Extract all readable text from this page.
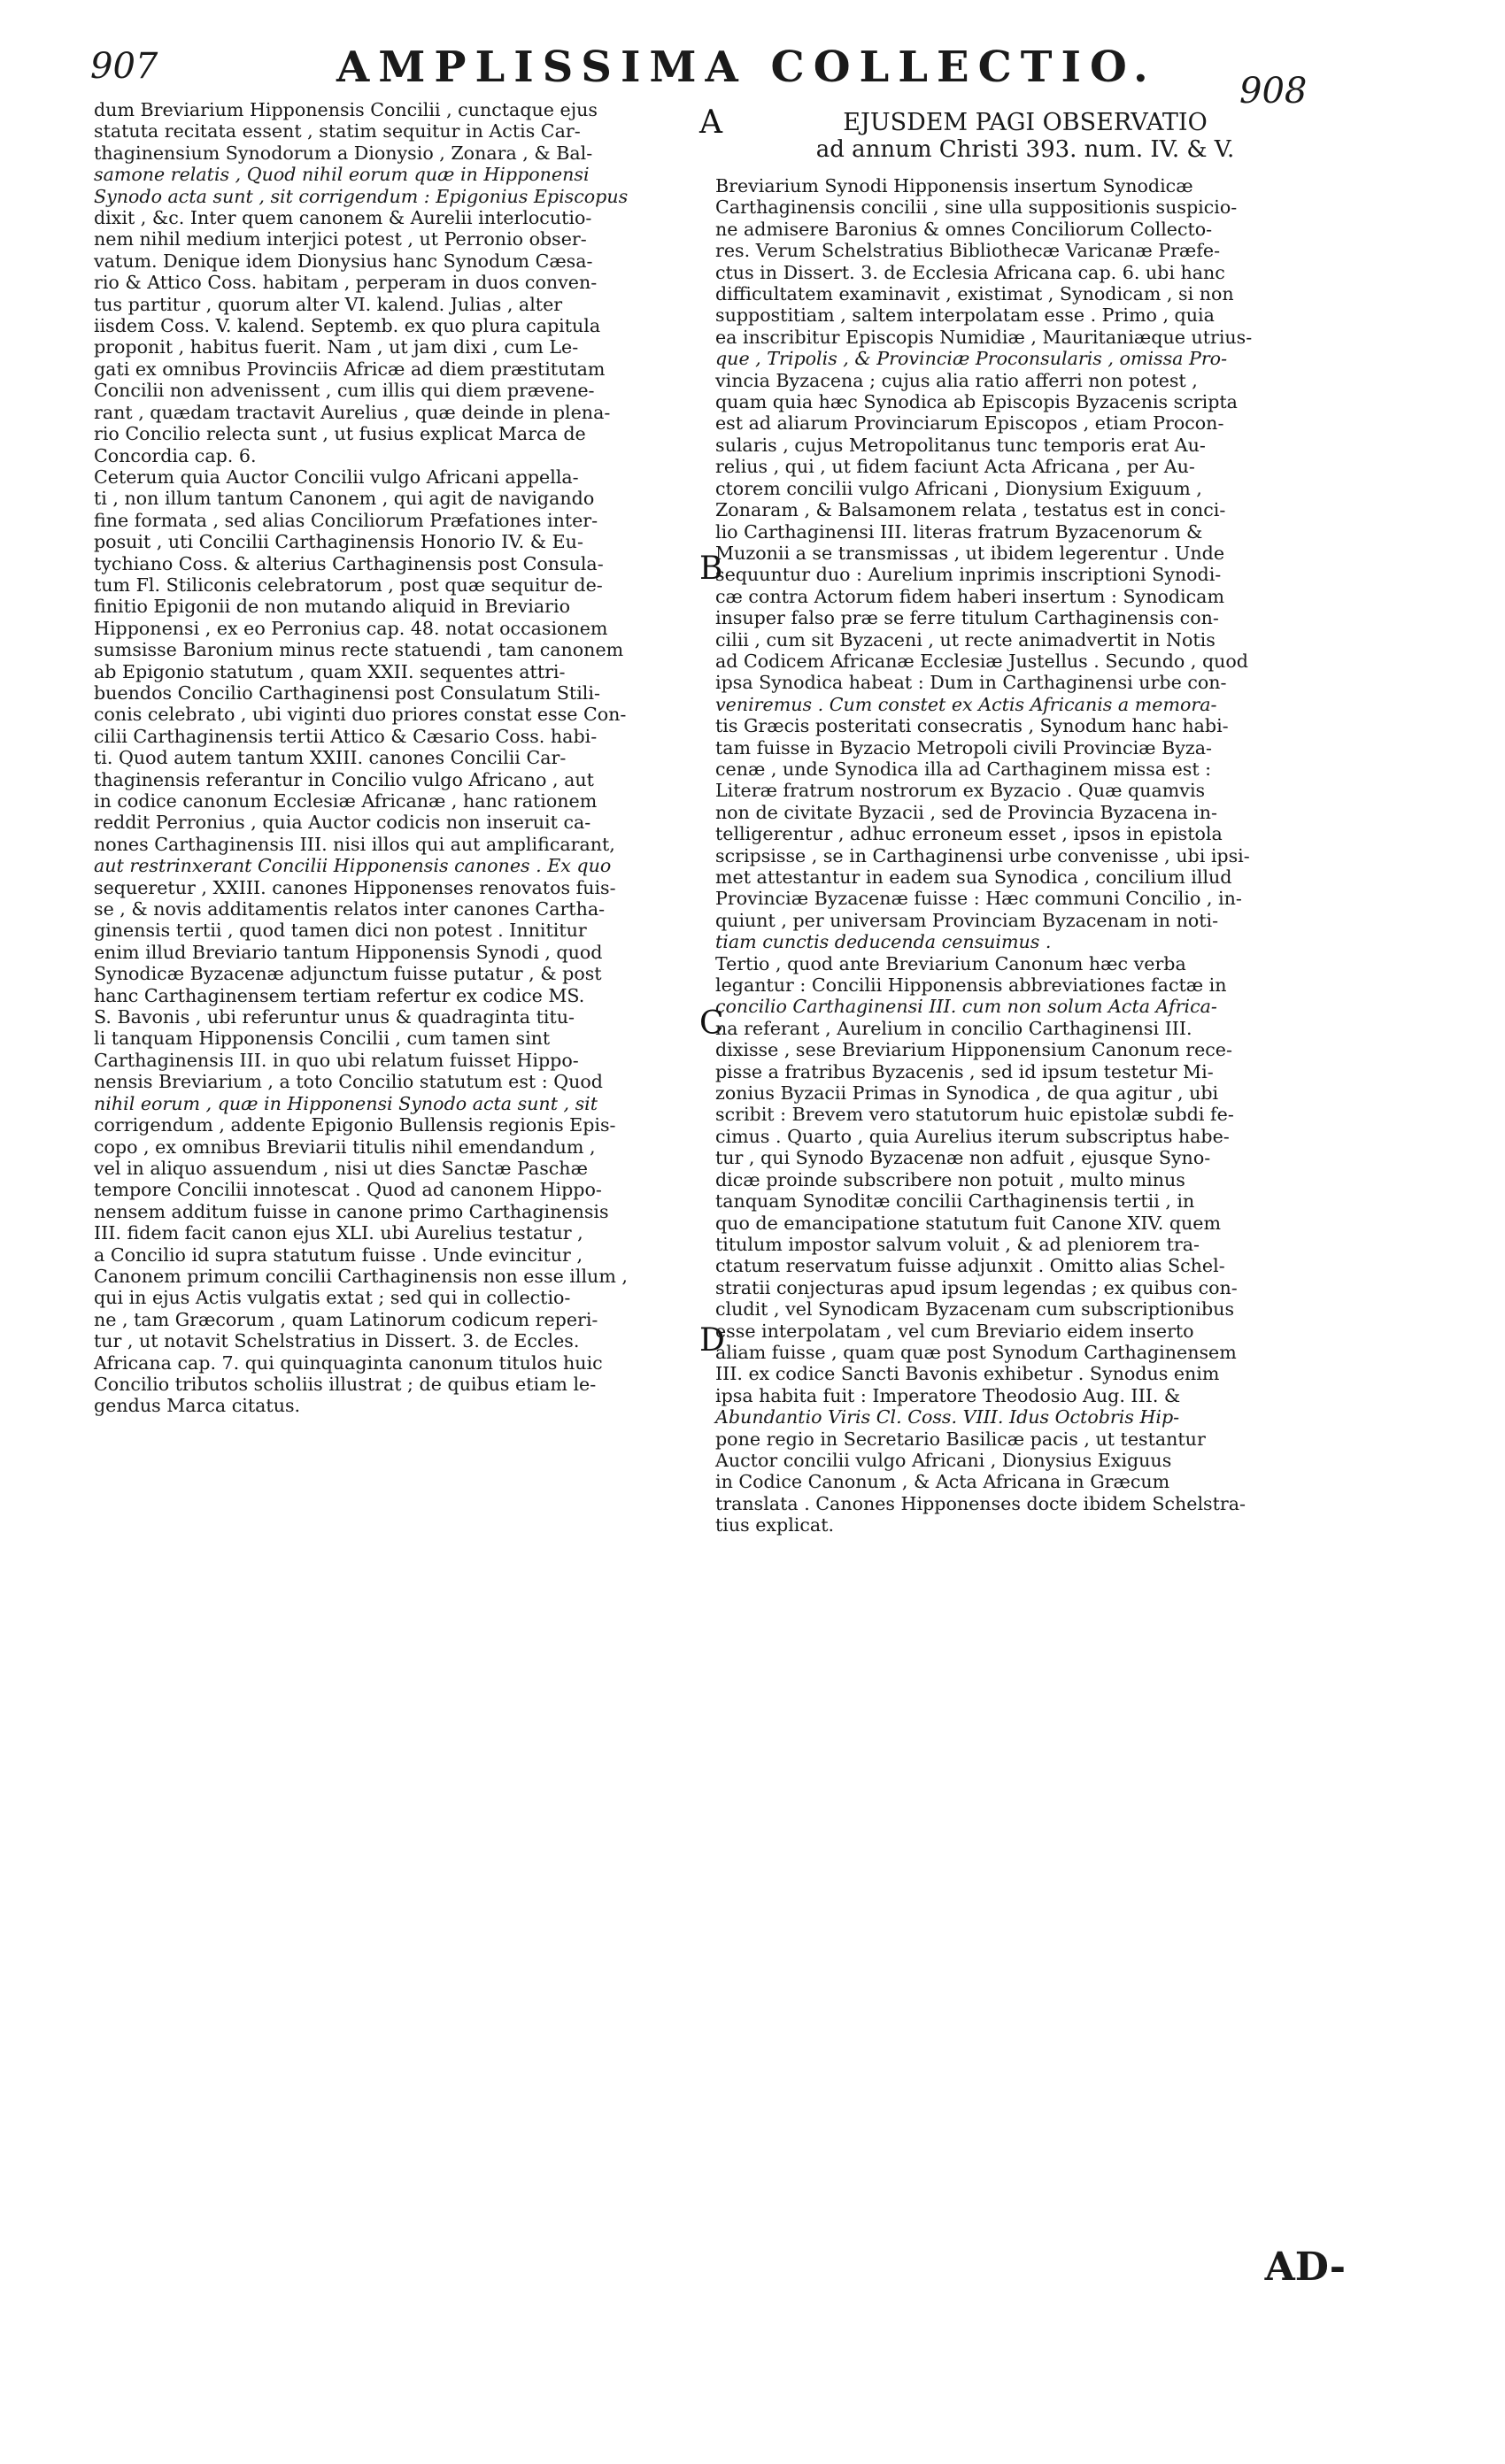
907	AMPLISSIMA COLLECTIO. 908
A
B
C
D

dum Breviarium Hipponensis Concilii , cunctaque ejus

statuta recitata essent , statim sequitur in Actis Car-

thaginensium Synodorum a Dionysio , Zonara , & Bal-

samone relatis , Quod nihil eorum quæ in Hipponensi

Synodo acta sunt , sit corrigendum : Epigonius Episcopus

dixit , &c. Inter quem canonem & Aurelii interlocutio-

nem nihil medium interjici potest , ut Perronio obser-

vatum. Denique idem Dionysius hanc Synodum Cæsa-

rio & Attico Coss. habitam , perperam in duos conven-

tus partitur , quorum alter VI. kalend. Julias , alter

iisdem Coss. V. kalend. Septemb. ex quo plura capitula

proponit , habitus fuerit. Nam , ut jam dixi , cum Le-

gati ex omnibus Provinciis Africæ ad diem præstitutam

Concilii non advenissent , cum illis qui diem prævene-

rant , quædam tractavit Aurelius , quæ deinde in plena-

rio Concilio relecta sunt , ut fusius explicat Marca de

Concordia cap. 6.

Ceterum quia Auctor Concilii vulgo Africani appella-

ti , non illum tantum Canonem , qui agit de navigando

fine formata , sed alias Conciliorum Præfationes inter-

posuit , uti Concilii Carthaginensis Honorio IV. & Eu-

tychiano Coss. & alterius Carthaginensis post Consula-

tum Fl. Stiliconis celebratorum , post quæ sequitur de-

finitio Epigonii de non mutando aliquid in Breviario

Hipponensi , ex eo Perronius cap. 48. notat occasionem

sumsisse Baronium minus recte statuendi , tam canonem

ab Epigonio statutum , quam XXII. sequentes attri-

buendos Concilio Carthaginensi post Consulatum Stili-

conis celebrato , ubi viginti duo priores constat esse Con-

cilii Carthaginensis tertii Attico & Cæsario Coss. habi-

ti. Quod autem tantum XXIII. canones Concilii Car-

thaginensis referantur in Concilio vulgo Africano , aut

in codice canonum Ecclesiæ Africanæ , hanc rationem

reddit Perronius , quia Auctor codicis non inseruit ca-

nones Carthaginensis III. nisi illos qui aut amplificarant,

aut restrinxerant Concilii Hipponensis canones . Ex quo

sequeretur , XXIII. canones Hipponenses renovatos fuis-

se , & novis additamentis relatos inter canones Cartha-

ginensis tertii , quod tamen dici non potest . Innititur

enim illud Breviario tantum Hipponensis Synodi , quod

Synodicæ Byzacenæ adjunctum fuisse putatur , & post

hanc Carthaginensem tertiam refertur ex codice MS.

S. Bavonis , ubi referuntur unus & quadraginta titu-

li tanquam Hipponensis Concilii , cum tamen sint

Carthaginensis III. in quo ubi relatum fuisset Hippo-

nensis Breviarium , a toto Concilio statutum est : Quod

nihil eorum , quæ in Hipponensi Synodo acta sunt , sit

corrigendum , addente Epigonio Bullensis regionis Epis-

copo , ex omnibus Breviarii titulis nihil emendandum ,

vel in aliquo assuendum , nisi ut dies Sanctæ Paschæ

tempore Concilii innotescat . Quod ad canonem Hippo-

nensem additum fuisse in canone primo Carthaginensis

III. fidem facit canon ejus XLI. ubi Aurelius testatur ,

a Concilio id supra statutum fuisse . Unde evincitur ,

Canonem primum concilii Carthaginensis non esse illum ,

qui in ejus Actis vulgatis extat ; sed qui in collectio-

ne , tam Græcorum , quam Latinorum codicum reperi-

tur , ut notavit Schelstratius in Dissert. 3. de Eccles.

Africana cap. 7. qui quinquaginta canonum titulos huic

Concilio tributos scholiis illustrat ; de quibus etiam le-

gendus Marca citatus.

EJUSDEM PAGI OBSERVATIO

ad annum Christi 393. num. IV. & V.

Breviarium Synodi Hipponensis insertum Synodicæ

Carthaginensis concilii , sine ulla suppositionis suspicio-

ne admisere Baronius & omnes Conciliorum Collecto-

res. Verum Schelstratius Bibliothecæ Varicanæ Præfe-

ctus in Dissert. 3. de Ecclesia Africana cap. 6. ubi hanc

difficultatem examinavit , existimat , Synodicam , si non

suppostitiam , saltem interpolatam esse . Primo , quia

ea inscribitur Episcopis Numidiæ , Mauritaniæque utrius-

que , Tripolis , & Provinciæ Proconsularis , omissa Pro-

vincia Byzacena ; cujus alia ratio afferri non potest ,

quam quia hæc Synodica ab Episcopis Byzacenis scripta

est ad aliarum Provinciarum Episcopos , etiam Procon-

sularis , cujus Metropolitanus tunc temporis erat Au-

relius , qui , ut fidem faciunt Acta Africana , per Au-

ctorem concilii vulgo Africani , Dionysium Exiguum ,

Zonaram , & Balsamonem relata , testatus est in conci-

lio Carthaginensi III. literas fratrum Byzacenorum &

Muzonii a se transmissas , ut ibidem legerentur . Unde

sequuntur duo : Aurelium inprimis inscriptioni Synodi-

cæ contra Actorum fidem haberi insertum : Synodicam

insuper falso præ se ferre titulum Carthaginensis con-

cilii , cum sit Byzaceni , ut recte animadvertit in Notis

ad Codicem Africanæ Ecclesiæ Justellus . Secundo , quod

ipsa Synodica habeat : Dum in Carthaginensi urbe con-

veniremus . Cum constet ex Actis Africanis a memora-

tis Græcis posteritati consecratis , Synodum hanc habi-

tam fuisse in Byzacio Metropoli civili Provinciæ Byza-

cenæ , unde Synodica illa ad Carthaginem missa est :

Literæ fratrum nostrorum ex Byzacio . Quæ quamvis

non de civitate Byzacii , sed de Provincia Byzacena in-

telligerentur , adhuc erroneum esset , ipsos in epistola

scripsisse , se in Carthaginensi urbe convenisse , ubi ipsi-

met attestantur in eadem sua Synodica , concilium illud

Provinciæ Byzacenæ fuisse : Hæc communi Concilio , in-

quiunt , per universam Provinciam Byzacenam in noti-

tiam cunctis deducenda censuimus .

Tertio , quod ante Breviarium Canonum hæc verba

legantur : Concilii Hipponensis abbreviationes factæ in

concilio Carthaginensi III. cum non solum Acta Africa-

na referant , Aurelium in concilio Carthaginensi III.

dixisse , sese Breviarium Hipponensium Canonum rece-

pisse a fratribus Byzacenis , sed id ipsum testetur Mi-

zonius Byzacii Primas in Synodica , de qua agitur , ubi

scribit : Brevem vero statutorum huic epistolæ subdi fe-

cimus . Quarto , quia Aurelius iterum subscriptus habe-

tur , qui Synodo Byzacenæ non adfuit , ejusque Syno-

dicæ proinde subscribere non potuit , multo minus

tanquam Synoditæ concilii Carthaginensis tertii , in

quo de emancipatione statutum fuit Canone XIV. quem

titulum impostor salvum voluit , & ad pleniorem tra-

ctatum reservatum fuisse adjunxit . Omitto alias Schel-

stratii conjecturas apud ipsum legendas ; ex quibus con-

cludit , vel Synodicam Byzacenam cum subscriptionibus

esse interpolatam , vel cum Breviario eidem inserto

aliam fuisse , quam quæ post Synodum Carthaginensem

III. ex codice Sancti Bavonis exhibetur . Synodus enim

ipsa habita fuit : Imperatore Theodosio Aug. III. &

Abundantio Viris Cl. Coss. VIII. Idus Octobris Hip-

pone regio in Secretario Basilicæ pacis , ut testantur

Auctor concilii vulgo Africani , Dionysius Exiguus

in Codice Canonum , & Acta Africana in Græcum

translata . Canones Hipponenses docte ibidem Schelstra-

tius explicat.

AD-
